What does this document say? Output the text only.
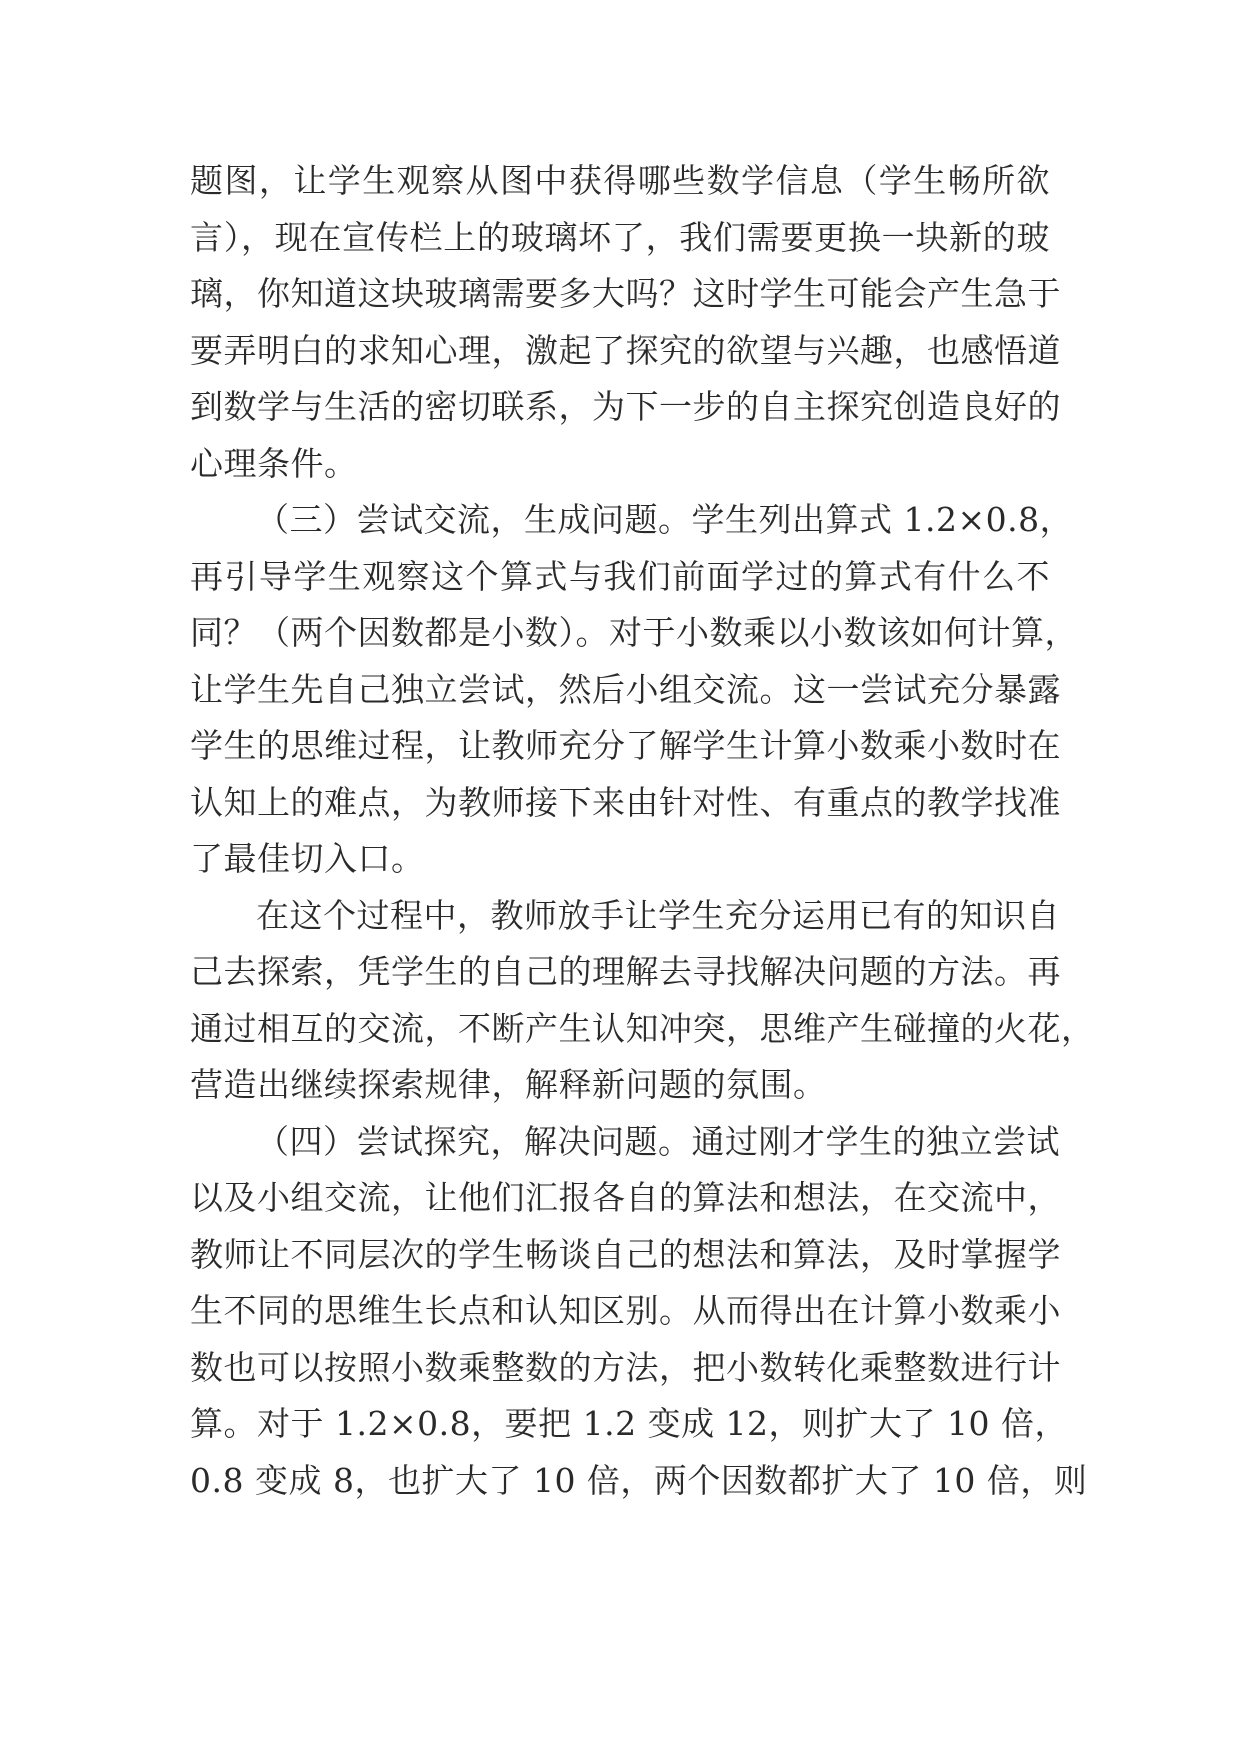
题图，让学生观察从图中获得哪些数学信息（学生畅所欲
言），现在宣传栏上的玻璃坏了，我们需要更换一块新的玻
璃，你知道这块玻璃需要多大吗？这时学生可能会产生急于
要弄明白的求知心理，激起了探究的欲望与兴趣，也感悟道
到数学与生活的密切联系，为下一步的自主探究创造良好的
心理条件。
（三）尝试交流，生成问题。学生列出算式 1.2×0.8，
再引导学生观察这个算式与我们前面学过的算式有什么不
同？（两个因数都是小数）。对于小数乘以小数该如何计算，
让学生先自己独立尝试，然后小组交流。这一尝试充分暴露
学生的思维过程，让教师充分了解学生计算小数乘小数时在
认知上的难点，为教师接下来由针对性、有重点的教学找准
了最佳切入口。
在这个过程中，教师放手让学生充分运用已有的知识自
己去探索，凭学生的自己的理解去寻找解决问题的方法。再
通过相互的交流，不断产生认知冲突，思维产生碰撞的火花，
营造出继续探索规律，解释新问题的氛围。
（四）尝试探究，解决问题。通过刚才学生的独立尝试
以及小组交流，让他们汇报各自的算法和想法，在交流中，
教师让不同层次的学生畅谈自己的想法和算法，及时掌握学
生不同的思维生长点和认知区别。从而得出在计算小数乘小
数也可以按照小数乘整数的方法，把小数转化乘整数进行计
算。对于 1.2×0.8，要把 1.2 变成 12，则扩大了 10 倍，
0.8 变成 8，也扩大了 10 倍，两个因数都扩大了 10 倍，则
